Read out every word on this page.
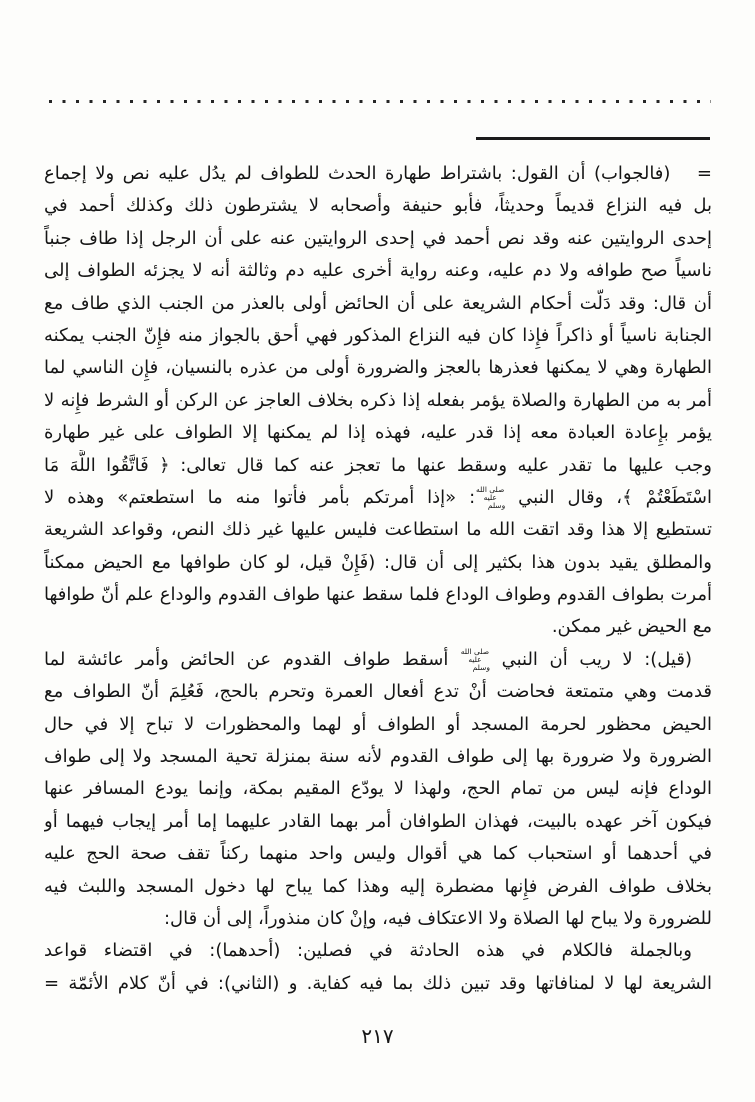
=   (فالجواب) أن القول: باشتراط طهارة الحدث للطواف لم يدُل عليه نص ولا إجماع
بل فيه النزاع قديماً وحديثاً، فأبو حنيفة وأصحابه لا يشترطون ذلك وكذلك أحمد في
إحدى الروايتين عنه وقد نص أحمد في إحدى الروايتين عنه على أن الرجل إذا طاف جنباً
ناسياً صح طوافه ولا دم عليه، وعنه رواية أخرى عليه دم وثالثة أنه لا يجزئه الطواف إلى
أن قال: وقد دَلّت أحكام الشريعة على أن الحائض أولى بالعذر من الجنب الذي طاف مع
الجنابة ناسياً أو ذاكراً فإِذا كان فيه النزاع المذكور فهي أحق بالجواز منه فإِنّ الجنب يمكنه
الطهارة وهي لا يمكنها فعذرها بالعجز والضرورة أولى من عذره بالنسيان، فإِن الناسي لما
أمر به من الطهارة والصلاة يؤمر بفعله إذا ذكره بخلاف العاجز عن الركن أو الشرط فإِنه لا
يؤمر بإِعادة العبادة معه إذا قدر عليه، فهذه إذا لم يمكنها إلا الطواف على غير طهارة
وجب عليها ما تقدر عليه وسقط عنها ما تعجز عنه كما قال تعالى: ﴿ فَاتَّقُوا اللَّهَ مَا
اسْتَطَعْتُمْ ﴾، وقال النبي صلى الله عليه وسلم: «إذا أمرتكم بأمر فأتوا منه ما استطعتم» وهذه لا
تستطيع إلا هذا وقد اتقت الله ما استطاعت فليس عليها غير ذلك النص، وقواعد الشريعة
والمطلق يقيد بدون هذا بكثير إلى أن قال: (فَإِنْ قيل، لو كان طوافها مع الحيض ممكناً
أمرت بطواف القدوم وطواف الوداع فلما سقط عنها طواف القدوم والوداع علم أنّ طوافها
مع الحيض غير ممكن.
(قيل): لا ريب أن النبي صلى الله عليه وسلم أسقط طواف القدوم عن الحائض وأمر عائشة لما
قدمت وهي متمتعة فحاضت أنْ تدع أفعال العمرة وتحرم بالحج، فَعُلِمَ أنّ الطواف مع
الحيض محظور لحرمة المسجد أو الطواف أو لهما والمحظورات لا تباح إلا في حال
الضرورة ولا ضرورة بها إلى طواف القدوم لأنه سنة بمنزلة تحية المسجد ولا إلى طواف
الوداع فإنه ليس من تمام الحج، ولهذا لا يودّع المقيم بمكة، وإنما يودع المسافر عنها
فيكون آخر عهده بالبيت، فهذان الطوافان أمر بهما القادر عليهما إما أمر إيجاب فيهما أو
في أحدهما أو استحباب كما هي أقوال وليس واحد منهما ركناً تقف صحة الحج عليه
بخلاف طواف الفرض فإِنها مضطرة إليه وهذا كما يباح لها دخول المسجد واللبث فيه
للضرورة ولا يباح لها الصلاة ولا الاعتكاف فيه، وإنْ كان منذوراً، إلى أن قال:
وبالجملة فالكلام في هذه الحادثة في فصلين: (أحدهما): في اقتضاء قواعد
الشريعة لها لا لمنافاتها وقد تبين ذلك بما فيه كفاية. و (الثاني): في أنّ كلام الأئمّة =
٢١٧
